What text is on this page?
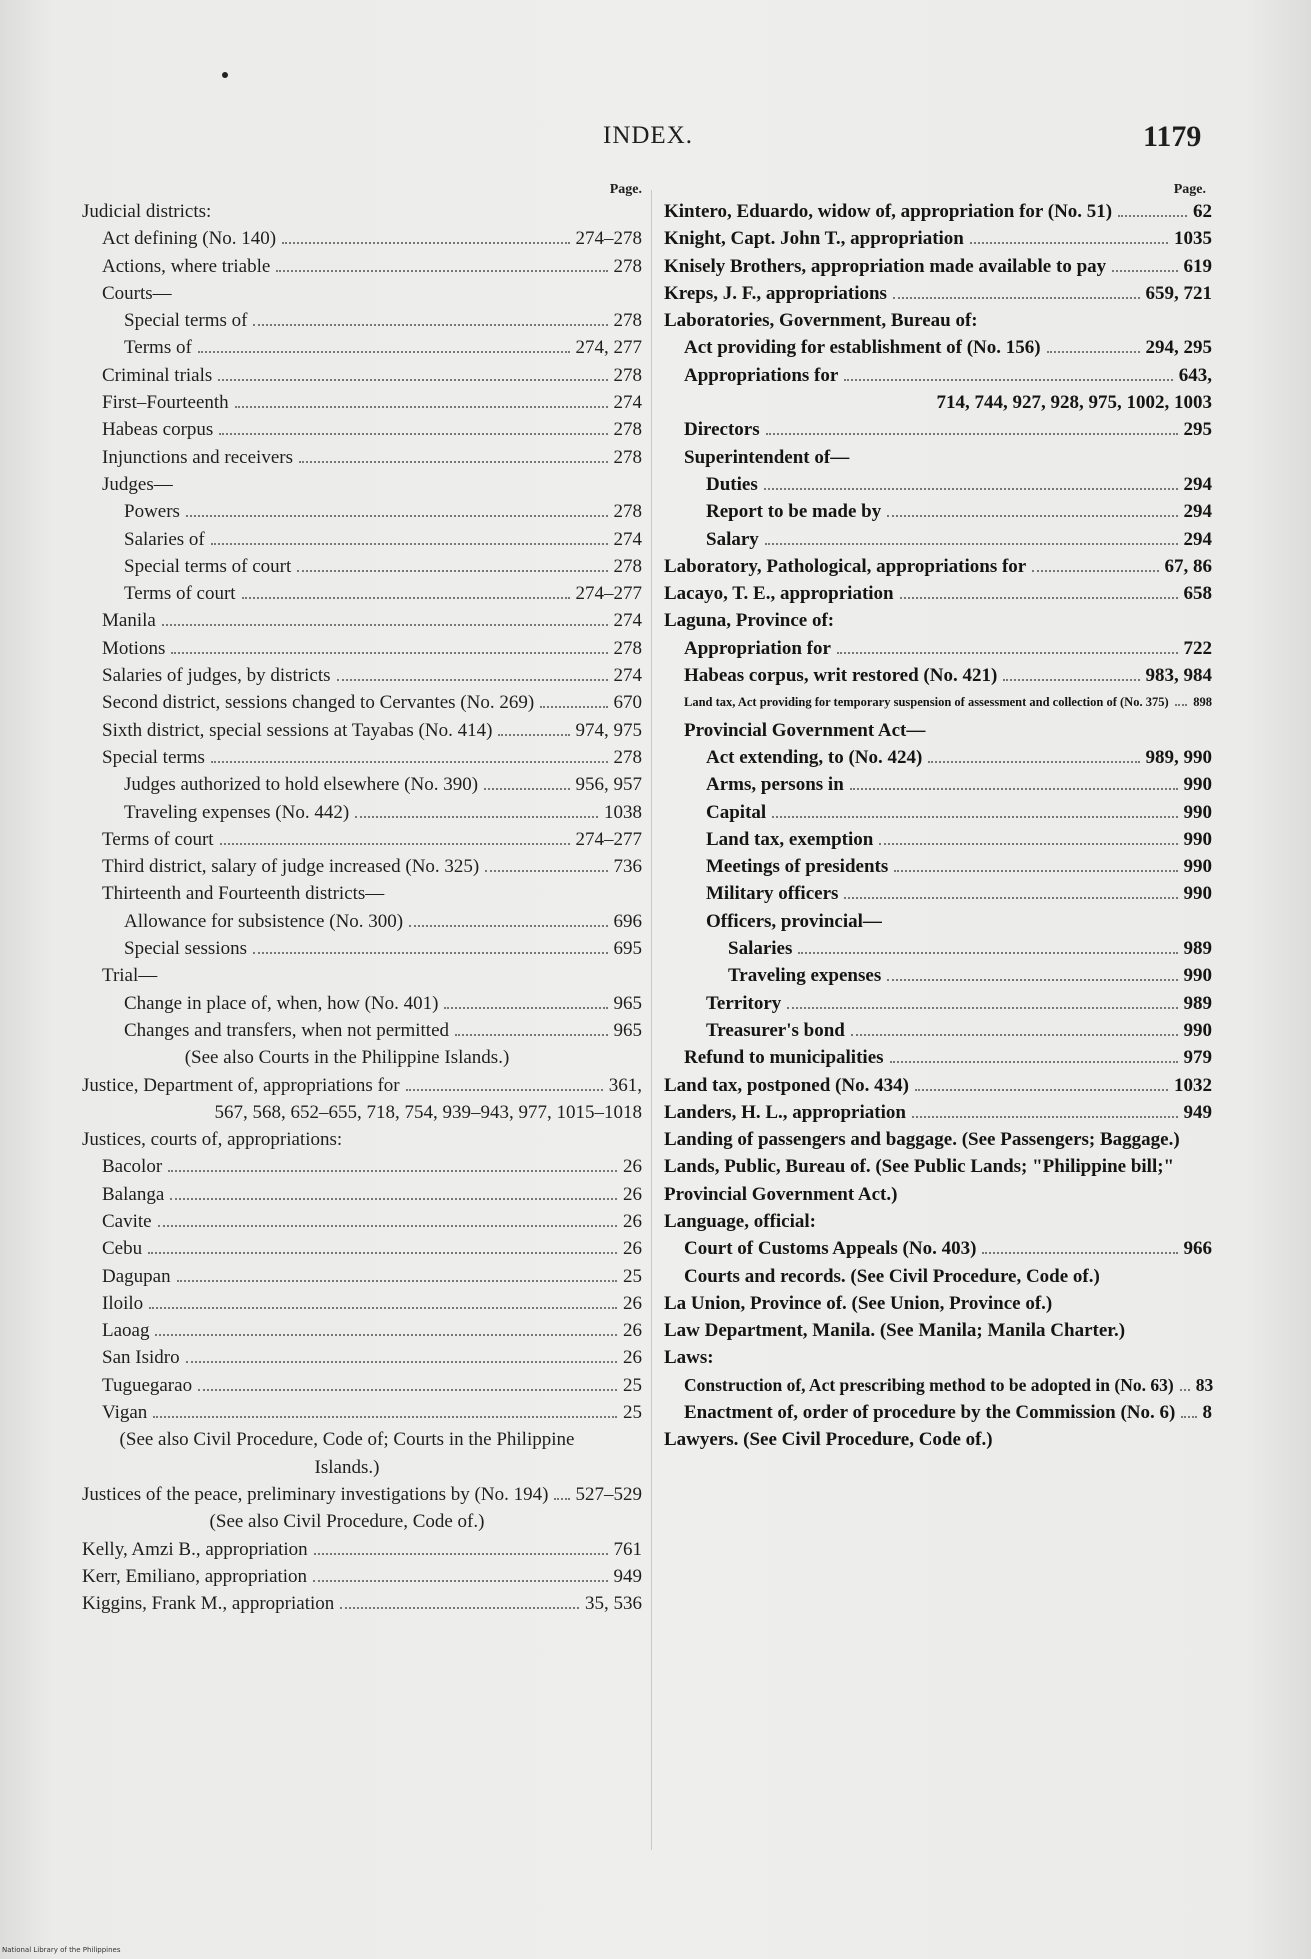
INDEX.	1179
Page.
Judicial districts:
Act defining (No. 140)	274–278
Actions, where triable	278
Courts—
Special terms of	278
Terms of	274, 277
Criminal trials	278
First–Fourteenth	274
Habeas corpus	278
Injunctions and receivers	278
Judges—
Powers	278
Salaries of	274
Special terms of court	278
Terms of court	274–277
Manila	274
Motions	278
Salaries of judges, by districts	274
Second district, sessions changed to Cervantes (No. 269)	670
Sixth district, special sessions at Tayabas (No. 414)	974, 975
Special terms	278
Judges authorized to hold elsewhere (No. 390)	956, 957
Traveling expenses (No. 442)	1038
Terms of court	274–277
Third district, salary of judge increased (No. 325)	736
Thirteenth and Fourteenth districts—
Allowance for subsistence (No. 300)	696
Special sessions	695
Trial—
Change in place of, when, how (No. 401)	965
Changes and transfers, when not permitted	965
(See also Courts in the Philippine Islands.)
Justice, Department of, appropriations for	361,
567, 568, 652–655, 718, 754, 939–943, 977, 1015–1018
Justices, courts of, appropriations:
Bacolor	26
Balanga	26
Cavite	26
Cebu	26
Dagupan	25
Iloilo	26
Laoag	26
San Isidro	26
Tuguegarao	25
Vigan	25
(See also Civil Procedure, Code of; Courts in the Philippine Islands.)
Justices of the peace, preliminary investigations by (No. 194) 527–529
(See also Civil Procedure, Code of.)
Kelly, Amzi B., appropriation	761
Kerr, Emiliano, appropriation	949
Kiggins, Frank M., appropriation	35, 536
Page.
Kintero, Eduardo, widow of, appropriation for (No. 51)	62
Knight, Capt. John T., appropriation	1035
Knisely Brothers, appropriation made available to pay	619
Kreps, J. F., appropriations	659, 721
Laboratories, Government, Bureau of:
Act providing for establishment of (No. 156)	294, 295
Appropriations for	643,
714, 744, 927, 928, 975, 1002, 1003
Directors	295
Superintendent of—
Duties	294
Report to be made by	294
Salary	294
Laboratory, Pathological, appropriations for	67, 86
Lacayo, T. E., appropriation	658
Laguna, Province of:
Appropriation for	722
Habeas corpus, writ restored (No. 421)	983, 984
Land tax, Act providing for temporary suspension of assessment and collection of (No. 375) 898
Provincial Government Act—
Act extending, to (No. 424)	989, 990
Arms, persons in	990
Capital	990
Land tax, exemption	990
Meetings of presidents	990
Military officers	990
Officers, provincial—
Salaries	989
Traveling expenses	990
Territory	989
Treasurer's bond	990
Refund to municipalities	979
Land tax, postponed (No. 434)	1032
Landers, H. L., appropriation	949
Landing of passengers and baggage. (See Passengers; Baggage.)
Lands, Public, Bureau of. (See Public Lands; "Philippine bill;" Provincial Government Act.)
Language, official:
Court of Customs Appeals (No. 403)	966
Courts and records. (See Civil Procedure, Code of.)
La Union, Province of. (See Union, Province of.)
Law Department, Manila. (See Manila; Manila Charter.)
Laws:
Construction of, Act prescribing method to be adopted in (No. 63) 83
Enactment of, order of procedure by the Commission (No. 6) 8
Lawyers. (See Civil Procedure, Code of.)
National Library of the Philippines
